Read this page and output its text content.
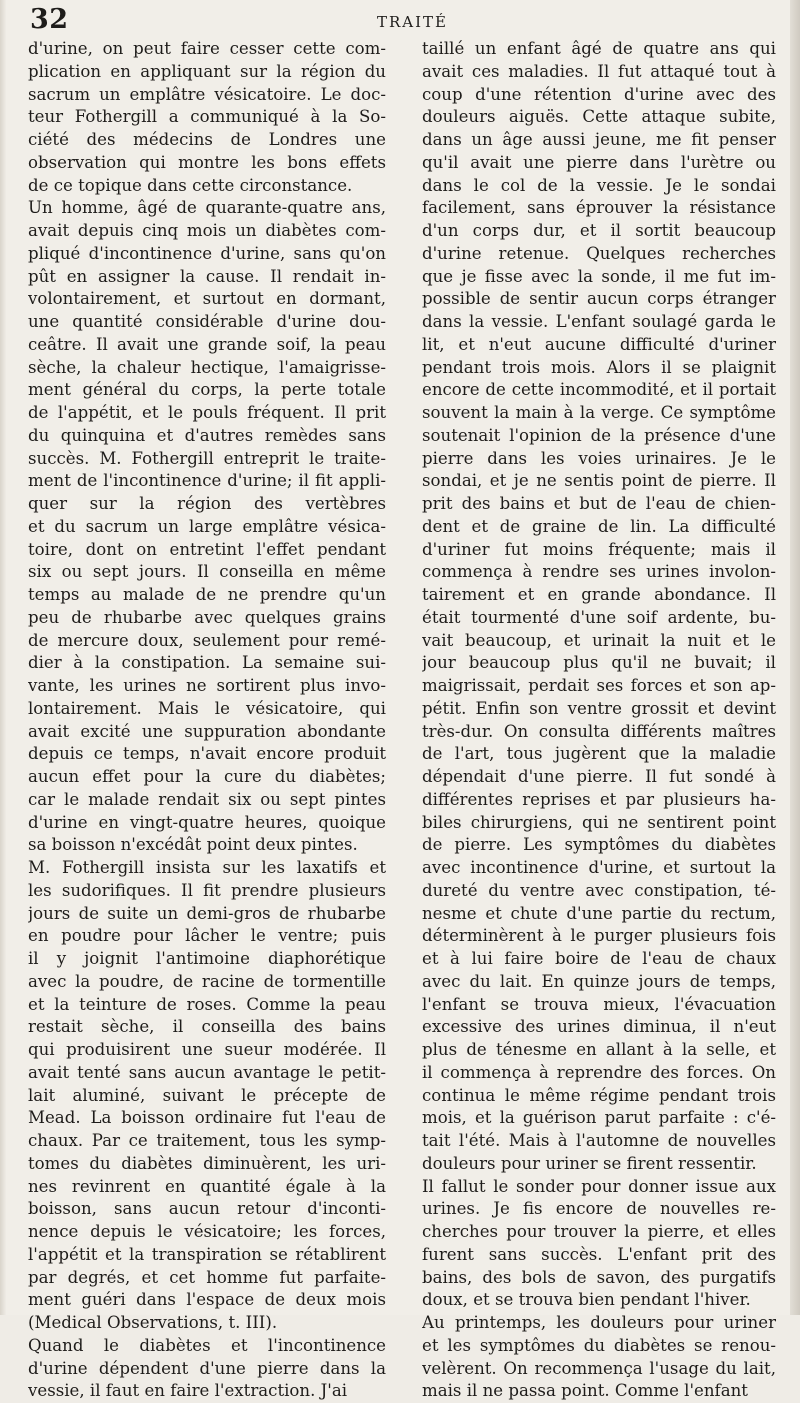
32	TRAITÉ
d'urine, on peut faire cesser cette com-
plication en appliquant sur la région du
sacrum un emplâtre vésicatoire. Le doc-
teur Fothergill a communiqué à la So-
ciété des médecins de Londres une
observation qui montre les bons effets
de ce topique dans cette circonstance.
Un homme, âgé de quarante-quatre ans,
avait depuis cinq mois un diabètes com-
pliqué d'incontinence d'urine, sans qu'on
pût en assigner la cause. Il rendait in-
volontairement, et surtout en dormant,
une quantité considérable d'urine dou-
ceâtre. Il avait une grande soif, la peau
sèche, la chaleur hectique, l'amaigrisse-
ment général du corps, la perte totale
de l'appétit, et le pouls fréquent. Il prit
du quinquina et d'autres remèdes sans
succès. M. Fothergill entreprit le traite-
ment de l'incontinence d'urine; il fit appli-
quer sur la région des vertèbres
et du sacrum un large emplâtre vésica-
toire, dont on entretint l'effet pendant
six ou sept jours. Il conseilla en même
temps au malade de ne prendre qu'un
peu de rhubarbe avec quelques grains
de mercure doux, seulement pour remé-
dier à la constipation. La semaine sui-
vante, les urines ne sortirent plus invo-
lontairement. Mais le vésicatoire, qui
avait excité une suppuration abondante
depuis ce temps, n'avait encore produit
aucun effet pour la cure du diabètes;
car le malade rendait six ou sept pintes
d'urine en vingt-quatre heures, quoique
sa boisson n'excédât point deux pintes.
M. Fothergill insista sur les laxatifs et
les sudorifiques. Il fit prendre plusieurs
jours de suite un demi-gros de rhubarbe
en poudre pour lâcher le ventre; puis
il y joignit l'antimoine diaphorétique
avec la poudre, de racine de tormentille
et la teinture de roses. Comme la peau
restait sèche, il conseilla des bains
qui produisirent une sueur modérée. Il
avait tenté sans aucun avantage le petit-
lait aluminé, suivant le précepte de
Mead. La boisson ordinaire fut l'eau de
chaux. Par ce traitement, tous les symp-
tomes du diabètes diminuèrent, les uri-
nes revinrent en quantité égale à la
boisson, sans aucun retour d'inconti-
nence depuis le vésicatoire; les forces,
l'appétit et la transpiration se rétablirent
par degrés, et cet homme fut parfaite-
ment guéri dans l'espace de deux mois
(Medical Observations, t. III).
Quand le diabètes et l'incontinence
d'urine dépendent d'une pierre dans la
vessie, il faut en faire l'extraction. J'ai
taillé un enfant âgé de quatre ans qui
avait ces maladies. Il fut attaqué tout à
coup d'une rétention d'urine avec des
douleurs aiguës. Cette attaque subite,
dans un âge aussi jeune, me fit penser
qu'il avait une pierre dans l'urètre ou
dans le col de la vessie. Je le sondai
facilement, sans éprouver la résistance
d'un corps dur, et il sortit beaucoup
d'urine retenue. Quelques recherches
que je fisse avec la sonde, il me fut im-
possible de sentir aucun corps étranger
dans la vessie. L'enfant soulagé garda le
lit, et n'eut aucune difficulté d'uriner
pendant trois mois. Alors il se plaignit
encore de cette incommodité, et il portait
souvent la main à la verge. Ce symptôme
soutenait l'opinion de la présence d'une
pierre dans les voies urinaires. Je le
sondai, et je ne sentis point de pierre. Il
prit des bains et but de l'eau de chien-
dent et de graine de lin. La difficulté
d'uriner fut moins fréquente; mais il
commença à rendre ses urines involon-
tairement et en grande abondance. Il
était tourmenté d'une soif ardente, bu-
vait beaucoup, et urinait la nuit et le
jour beaucoup plus qu'il ne buvait; il
maigrissait, perdait ses forces et son ap-
pétit. Enfin son ventre grossit et devint
très-dur. On consulta différents maîtres
de l'art, tous jugèrent que la maladie
dépendait d'une pierre. Il fut sondé à
différentes reprises et par plusieurs ha-
biles chirurgiens, qui ne sentirent point
de pierre. Les symptômes du diabètes
avec incontinence d'urine, et surtout la
dureté du ventre avec constipation, té-
nesme et chute d'une partie du rectum,
déterminèrent à le purger plusieurs fois
et à lui faire boire de l'eau de chaux
avec du lait. En quinze jours de temps,
l'enfant se trouva mieux, l'évacuation
excessive des urines diminua, il n'eut
plus de ténesme en allant à la selle, et
il commença à reprendre des forces. On
continua le même régime pendant trois
mois, et la guérison parut parfaite : c'é-
tait l'été. Mais à l'automne de nouvelles
douleurs pour uriner se firent ressentir.
Il fallut le sonder pour donner issue aux
urines. Je fis encore de nouvelles re-
cherches pour trouver la pierre, et elles
furent sans succès. L'enfant prit des
bains, des bols de savon, des purgatifs
doux, et se trouva bien pendant l'hiver.
Au printemps, les douleurs pour uriner
et les symptômes du diabètes se renou-
velèrent. On recommença l'usage du lait,
mais il ne passa point. Comme l'enfant
